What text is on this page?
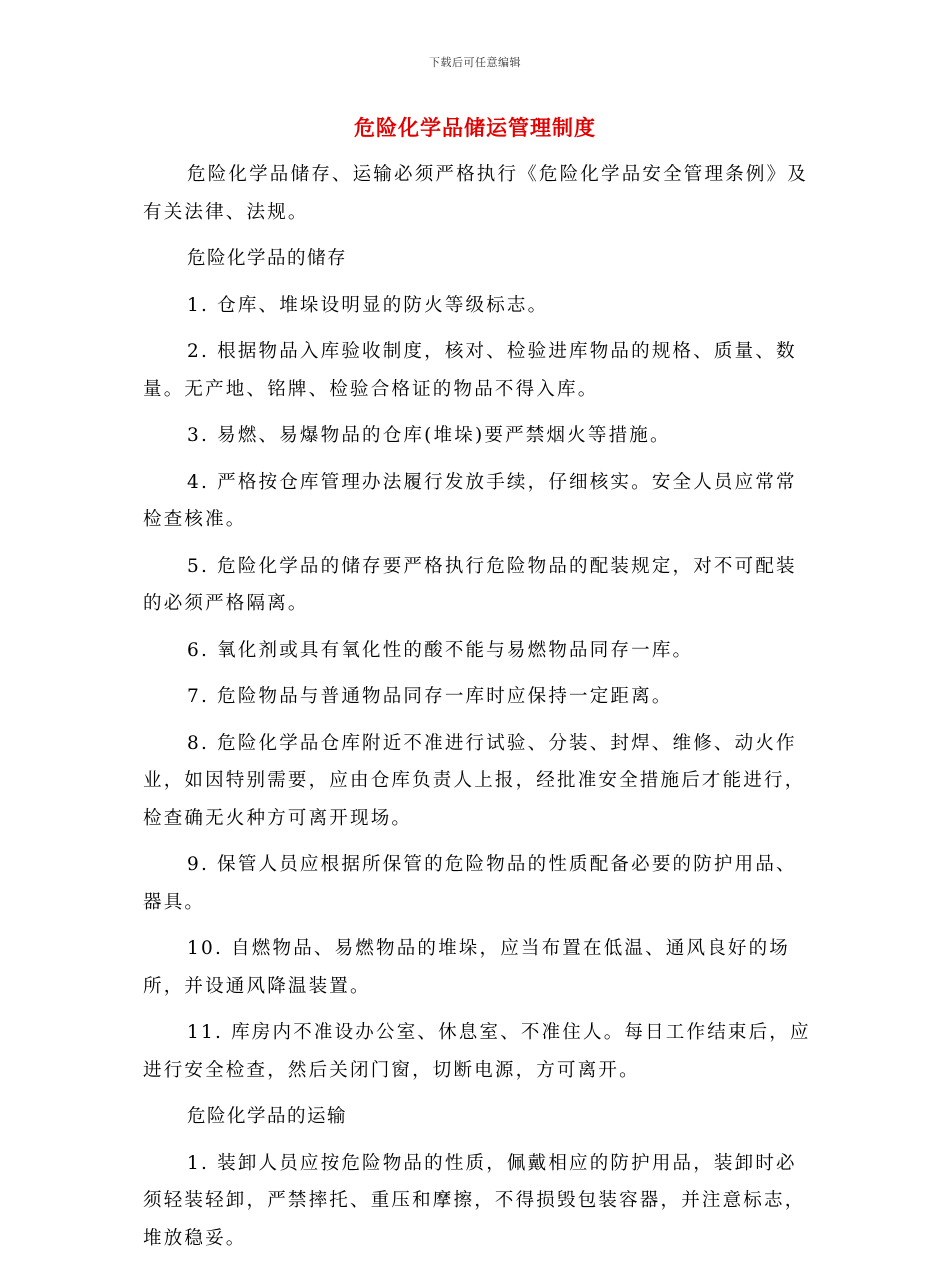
下载后可任意编辑
危险化学品储运管理制度

危险化学品储存、运输必须严格执行《危险化学品安全管理条例》及有关法律、法规。

危险化学品的储存

1. 仓库、堆垛设明显的防火等级标志。

2. 根据物品入库验收制度，核对、检验进库物品的规格、质量、数量。无产地、铭牌、检验合格证的物品不得入库。

3. 易燃、易爆物品的仓库(堆垛)要严禁烟火等措施。

4. 严格按仓库管理办法履行发放手续，仔细核实。安全人员应常常检查核准。

5. 危险化学品的储存要严格执行危险物品的配装规定，对不可配装的必须严格隔离。

6. 氧化剂或具有氧化性的酸不能与易燃物品同存一库。

7. 危险物品与普通物品同存一库时应保持一定距离。

8. 危险化学品仓库附近不准进行试验、分装、封焊、维修、动火作业，如因特别需要，应由仓库负责人上报，经批准安全措施后才能进行，检查确无火种方可离开现场。

9. 保管人员应根据所保管的危险物品的性质配备必要的防护用品、器具。

10. 自燃物品、易燃物品的堆垛，应当布置在低温、通风良好的场所，并设通风降温装置。

11. 库房内不准设办公室、休息室、不准住人。每日工作结束后，应进行安全检查，然后关闭门窗，切断电源，方可离开。

危险化学品的运输

1. 装卸人员应按危险物品的性质，佩戴相应的防护用品，装卸时必须轻装轻卸，严禁摔托、重压和摩擦，不得损毁包装容器，并注意标志，堆放稳妥。
